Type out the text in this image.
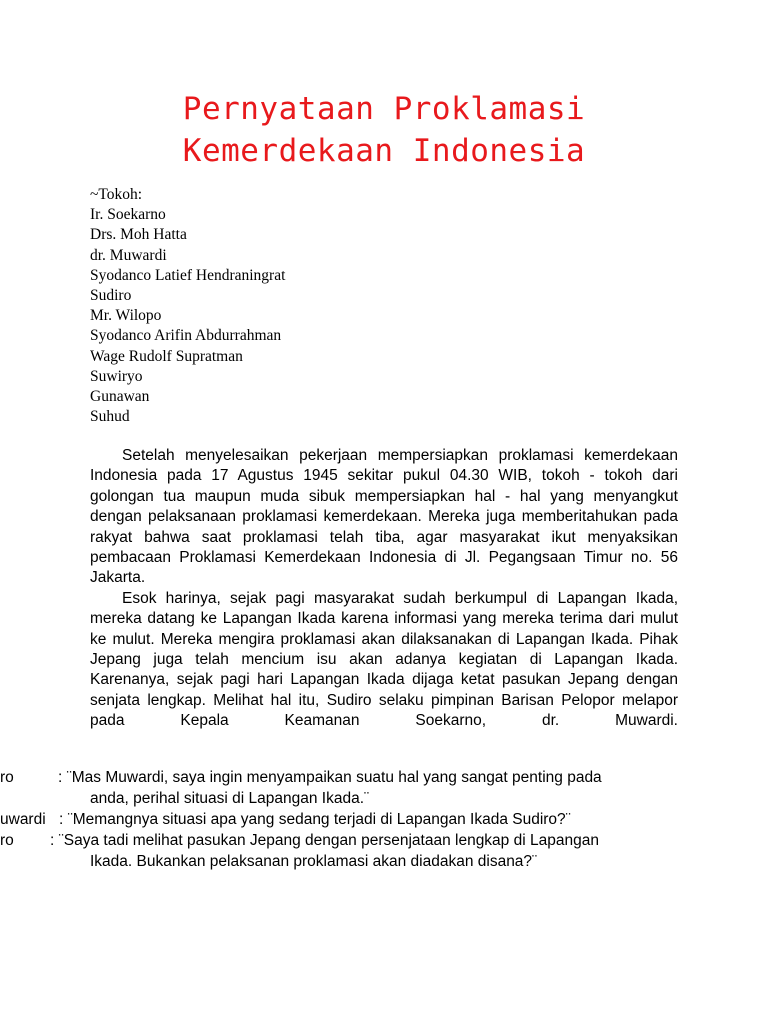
Pernyataan Proklamasi
Kemerdekaan Indonesia
~Tokoh:
Ir. Soekarno
Drs. Moh Hatta
dr. Muwardi
Syodanco Latief Hendraningrat
Sudiro
Mr. Wilopo
Syodanco Arifin Abdurrahman
Wage Rudolf Supratman
Suwiryo
Gunawan
Suhud

Setelah menyelesaikan pekerjaan mempersiapkan proklamasi kemerdekaan Indonesia pada 17 Agustus 1945 sekitar pukul 04.30 WIB, tokoh - tokoh dari golongan tua maupun muda sibuk mempersiapkan hal - hal yang menyangkut dengan pelaksanaan proklamasi kemerdekaan. Mereka juga memberitahukan pada rakyat bahwa saat proklamasi telah tiba, agar masyarakat ikut menyaksikan pembacaan Proklamasi Kemerdekaan Indonesia di Jl. Pegangsaan Timur no. 56 Jakarta.

Esok harinya, sejak pagi masyarakat sudah berkumpul di Lapangan Ikada, mereka datang ke Lapangan Ikada karena informasi yang mereka terima dari mulut ke mulut. Mereka mengira proklamasi akan dilaksanakan di Lapangan Ikada. Pihak Jepang juga telah mencium isu akan adanya kegiatan di Lapangan Ikada. Karenanya, sejak pagi hari Lapangan Ikada dijaga ketat pasukan Jepang dengan senjata lengkap. Melihat hal itu, Sudiro selaku pimpinan Barisan Pelopor melapor pada Kepala Keamanan Soekarno, dr. Muwardi.

ro	: ¨Mas Muwardi, saya ingin menyampaikan suatu hal yang sangat penting pada
anda, perihal situasi di Lapangan Ikada.¨
uwardi : ¨Memangnya situasi apa yang sedang terjadi di Lapangan Ikada Sudiro?¨
ro : ¨Saya tadi melihat pasukan Jepang dengan persenjataan lengkap di Lapangan
Ikada. Bukankan pelaksanan proklamasi akan diadakan disana?¨
